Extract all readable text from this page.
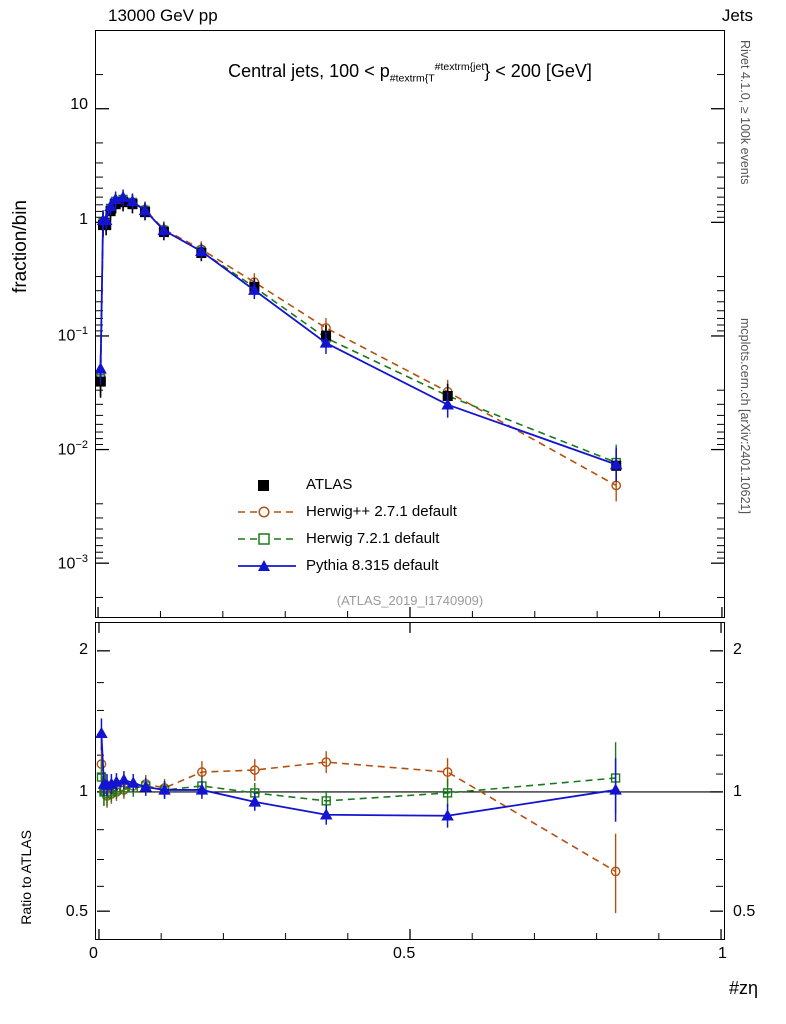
13000 GeV pp	Jets
Rivet 4.1.0, ≥ 100k events
mcplots.cern.ch [arXiv:2401.10621]
fraction/bin
Ratio to ATLAS
#zη
Central jets, $100 < p_{\#textrm\{T}^{\#textrm\{jet}\} < 200$ [GeV]
ATLAS
Herwig++ 2.7.1 default
Herwig 7.2.1 default
Pythia 8.315 default
(ATLAS_2019_I1740909)
10
1
$10^{-1}$
$10^{-2}$
$10^{-3}$
2
1
0.5
2
1
0.5
0	0.5	1
